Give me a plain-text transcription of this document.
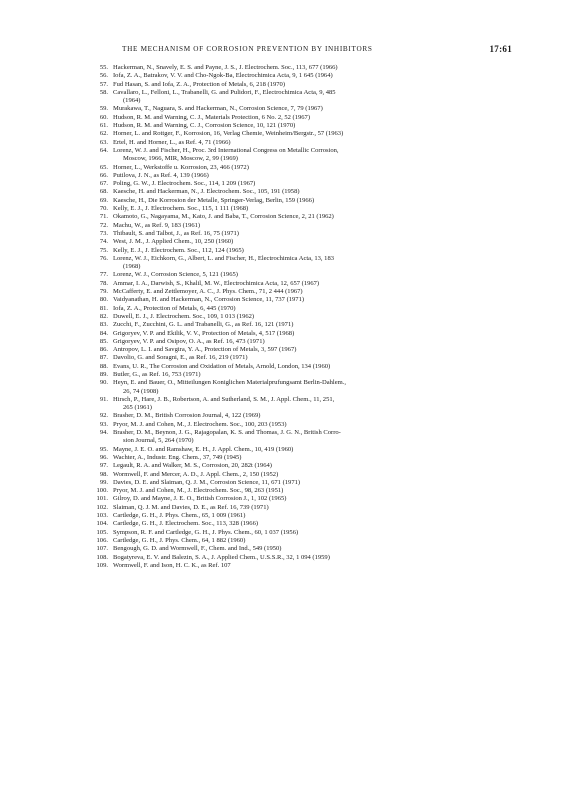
THE MECHANISM OF CORROSION PREVENTION BY INHIBITORS	17:61
55. Hackerman, N., Snavely, E. S. and Payne, J. S., J. Electrochem. Soc., 113, 677 (1966)
56. Iofa, Z. A., Batrakov, V. V. and Cho-Ngok-Ba, Electrochimica Acta, 9, 1 645 (1964)
57. Fud Hasan, S. and Iofa, Z. A., Protection of Metals, 6, 218 (1970)
58. Cavallaro, L., Felloni, L., Trabanelli, G. and Pulidori, F., Electrochimica Acta, 9, 485
(1964)
59. Murakawa, T., Naguara, S. and Hackerman, N., Corrosion Science, 7, 79 (1967)
60. Hudson, R. M. and Warning, C. J., Materials Protection, 6 No. 2, 52 (1967)
61. Hudson, R. M. and Warning, C. J., Corrosion Science, 10, 121 (1970)
62. Horner, L. and Rottger, F., Korrosion, 16, Verlag Chemie, Weinheim/Bergstr., 57 (1963)
63. Ertel, H. and Horner, L., as Ref. 4, 71 (1966)
64. Lorenz, W. J. and Fischer, H., Proc. 3rd International Congress on Metallic Corrosion,
Moscow, 1966, MIR, Moscow, 2, 99 (1969)
65. Horner, L., Werkstoffe u. Korrosion, 23, 466 (1972)
66. Putilova, J. N., as Ref. 4, 139 (1966)
67. Poling, G. W., J. Electrochem. Soc., 114, 1 209 (1967)
68. Kaesche, H. and Hackerman, N., J. Electrochem. Soc., 105, 191 (1958)
69. Kaesche, H., Die Korrosion der Metalle, Springer-Verlag, Berlin, 159 (1966)
70. Kelly, E. J., J. Electrochem. Soc., 115, 1 111 (1968)
71. Okamoto, G., Nagayama, M., Kato, J. and Baba, T., Corrosion Science, 2, 21 (1962)
72. Machu, W., as Ref. 9, 183 (1961)
73. Thibault, S. and Talbot, J., as Ref. 16, 75 (1971)
74. West, J. M., J. Applied Chem., 10, 250 (1960)
75. Kelly, E. J., J. Electrochem. Soc., 112, 124 (1965)
76. Lorenz, W. J., Eichkorn, G., Albert, L. and Fischer, H., Electrochimica Acta, 13, 183
(1968)
77. Lorenz, W. J., Corrosion Science, 5, 121 (1965)
78. Ammar, I. A., Darwish, S., Khalil, M. W., Electrochimica Acta, 12, 657 (1967)
79. McCafferty, E. and Zettlemoyer, A. C., J. Phys. Chem., 71, 2 444 (1967)
80. Vaidyanathan, H. and Hackerman, N., Corrosion Science, 11, 737 (1971)
81. Iofa, Z. A., Protection of Metals, 6, 445 (1970)
82. Duwell, E. J., J. Electrochem. Soc., 109, 1 013 (1962)
83. Zucchi, F., Zucchini, G. L. and Trabanelli, G., as Ref. 16, 121 (1971)
84. Grigoryev, V. P. and Ekilik, V. V., Protection of Metals, 4, 517 (1968)
85. Grigoryev, V. P. and Osipov, O. A., as Ref. 16, 473 (1971)
86. Antropov, L. I. and Savgira, Y. A., Protection of Metals, 3, 597 (1967)
87. Davolio, G. and Soragni, E., as Ref. 16, 219 (1971)
88. Evans, U. R., The Corrosion and Oxidation of Metals, Arnold, London, 134 (1960)
89. Butler, G., as Ref. 16, 753 (1971)
90. Heyn, E. and Bauer, O., Mitteilungen Koniglichen Materialprufungsamt Berlin-Dahlem.,
26, 74 (1908)
91. Hirsch, P., Hare, J. B., Robertson, A. and Sutherland, S. M., J. Appl. Chem., 11, 251,
265 (1961)
92. Brasher, D. M., British Corrosion Journal, 4, 122 (1969)
93. Pryor, M. J. and Cohen, M., J. Electrochem. Soc., 100, 203 (1953)
94. Brasher, D. M., Beynon, J. G., Rajagopalan, K. S. and Thomas, J. G. N., British Corro-
sion Journal, 5, 264 (1970)
95. Mayne, J. E. O. and Ramshaw, E. H., J. Appl. Chem., 10, 419 (1960)
96. Wachter, A., Industr. Eng. Chem., 37, 749 (1945)
97. Legault, R. A. and Walker, M. S., Corrosion, 20, 282t (1964)
98. Wormwell, F. and Mercer, A. D., J. Appl. Chem., 2, 150 (1952)
99. Davies, D. E. and Slaiman, Q. J. M., Corrosion Science, 11, 671 (1971)
100. Pryor, M. J. and Cohen, M., J. Electrochem. Soc., 98, 263 (1951)
101. Gilroy, D. and Mayne, J. E. O., British Corrosion J., 1, 102 (1965)
102. Slaiman, Q. J. M. and Davies, D. E., as Ref. 16, 739 (1971)
103. Cartledge, G. H., J. Phys. Chem., 65, 1 009 (1961)
104. Cartledge, G. H., J. Electrochem. Soc., 113, 328 (1966)
105. Sympson, R. F. and Cartledge, G. H., J. Phys. Chem., 60, 1 037 (1956)
106. Cartledge, G. H., J. Phys. Chem., 64, 1 882 (1960)
107. Bengough, G. D. and Wormwell, F., Chem. and Ind., 549 (1950)
108. Bogatyreva, E. V. and Balezin, S. A., J. Applied Chem., U.S.S.R., 32, 1 094 (1959)
109. Wormwell, F. and Ison, H. C. K., as Ref. 107
